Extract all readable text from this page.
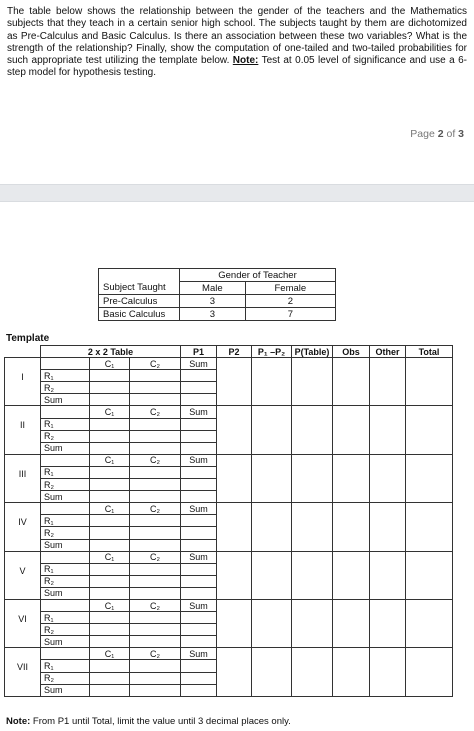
The table below shows the relationship between the gender of the teachers and the Mathematics subjects that they teach in a certain senior high school. The subjects taught by them are dichotomized as Pre-Calculus and Basic Calculus. Is there an association between these two variables? What is the strength of the relationship? Finally, show the computation of one-tailed and two-tailed probabilities for such appropriate test utilizing the template below. Note: Test at 0.05 level of significance and use a 6-step model for hypothesis testing.
Page 2 of 3
	Gender of Teacher	
Subject Taught	Male	Female
Pre-Calculus	3	2
Basic Calculus	3	7
Template
	2 x 2 Table			P1	P2	P₁ –P₂	P(Table)	Obs	Other	Total	

I		C₁	C₂	Sum							
	R₁										
	R₂										
	Sum										

II		C₁	C₂	Sum							
	R₁										
	R₂										
	Sum										

III		C₁	C₂	Sum							
	R₁										
	R₂										
	Sum										

IV		C₁	C₂	Sum							
	R₁										
	R₂										
	Sum										

V		C₁	C₂	Sum							
	R₁										
	R₂										
	Sum										

VI		C₁	C₂	Sum							
	R₁										
	R₂										
	Sum										

VII		C₁	C₂	Sum							
	R₁										
	R₂										
	Sum										
Note: From P1 until Total, limit the value until 3 decimal places only.
